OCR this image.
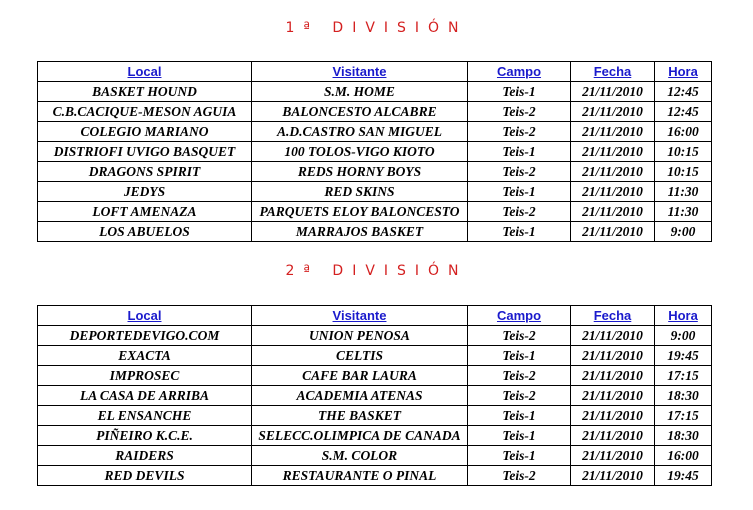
1ª DIVISIÓN
Local	Visitante	Campo	Fecha	Hora
BASKET HOUND	S.M. HOME	Teis-1	21/11/2010	12:45
C.B.CACIQUE-MESON AGUIA	BALONCESTO ALCABRE	Teis-2	21/11/2010	12:45
COLEGIO MARIANO	A.D.CASTRO SAN MIGUEL	Teis-2	21/11/2010	16:00
DISTRIOFI UVIGO BASQUET	100 TOLOS-VIGO KIOTO	Teis-1	21/11/2010	10:15
DRAGONS SPIRIT	REDS HORNY BOYS	Teis-2	21/11/2010	10:15
JEDYS	RED SKINS	Teis-1	21/11/2010	11:30
LOFT AMENAZA	PARQUETS ELOY BALONCESTO	Teis-2	21/11/2010	11:30
LOS ABUELOS	MARRAJOS BASKET	Teis-1	21/11/2010	9:00
2ª DIVISIÓN
Local	Visitante	Campo	Fecha	Hora
DEPORTEDEVIGO.COM	UNION PENOSA	Teis-2	21/11/2010	9:00
EXACTA	CELTIS	Teis-1	21/11/2010	19:45
IMPROSEC	CAFE BAR LAURA	Teis-2	21/11/2010	17:15
LA CASA DE ARRIBA	ACADEMIA ATENAS	Teis-2	21/11/2010	18:30
EL ENSANCHE	THE BASKET	Teis-1	21/11/2010	17:15
PIÑEIRO K.C.E.	SELECC.OLIMPICA DE CANADA	Teis-1	21/11/2010	18:30
RAIDERS	S.M. COLOR	Teis-1	21/11/2010	16:00
RED DEVILS	RESTAURANTE O PINAL	Teis-2	21/11/2010	19:45
